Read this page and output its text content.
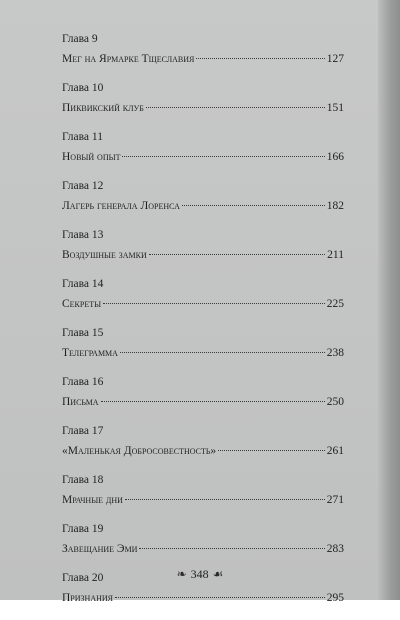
Глава 9
Мег на Ярмарке Тщеславия	127
Глава 10
Пиквикский клуб	151
Глава 11
Новый опыт	166
Глава 12
Лагерь генерала Лоренса	182
Глава 13
Воздушные замки	211
Глава 14
Секреты	225
Глава 15
Телеграмма	238
Глава 16
Письма	250
Глава 17
«Маленькая Добросовестность»	261
Глава 18
Мрачные дни	271
Глава 19
Завещание Эми	283
Глава 20
Признания	295
❧ 348 ☙
